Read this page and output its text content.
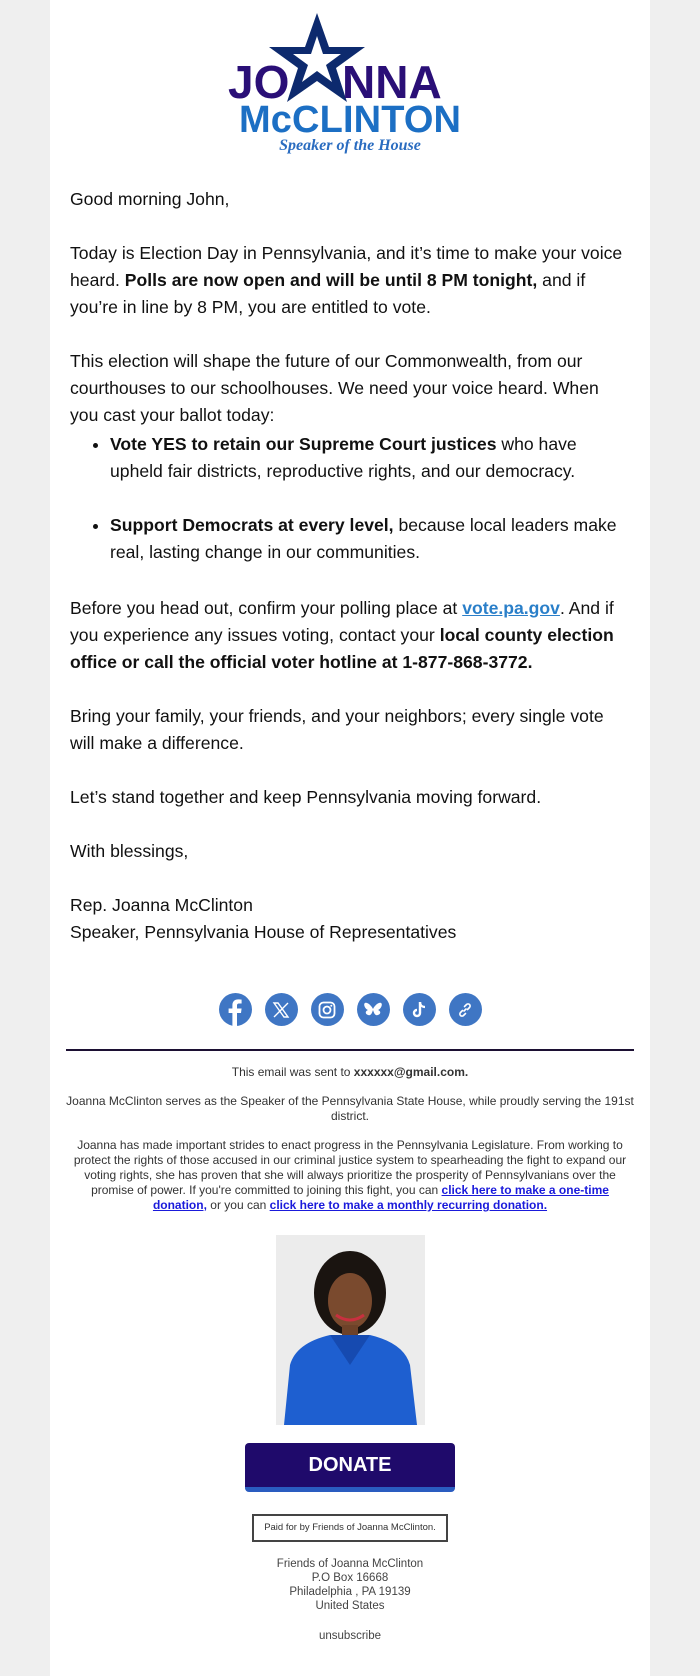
JO NNA
McCLINTON
Speaker of the House

Good morning John,

Today is Election Day in Pennsylvania, and it’s time to make your voice heard. Polls are now open and will be until 8 PM tonight, and if you’re in line by 8 PM, you are entitled to vote.

This election will shape the future of our Commonwealth, from our courthouses to our schoolhouses. We need your voice heard. When you cast your ballot today:

• Vote YES to retain our Supreme Court justices who have upheld fair districts, reproductive rights, and our democracy.
• Support Democrats at every level, because local leaders make real, lasting change in our communities.

Before you head out, confirm your polling place at vote.pa.gov. And if you experience any issues voting, contact your local county election office or call the official voter hotline at 1-877-868-3772.

Bring your family, your friends, and your neighbors; every single vote will make a difference.

Let’s stand together and keep Pennsylvania moving forward.

With blessings,

Rep. Joanna McClinton
Speaker, Pennsylvania House of Representatives

This email was sent to xxxxxx@gmail.com.

Joanna McClinton serves as the Speaker of the Pennsylvania State House, while proudly serving the 191st district.

Joanna has made important strides to enact progress in the Pennsylvania Legislature. From working to protect the rights of those accused in our criminal justice system to spearheading the fight to expand our voting rights, she has proven that she will always prioritize the prosperity of Pennsylvanians over the promise of power. If you're committed to joining this fight, you can click here to make a one-time donation, or you can click here to make a monthly recurring donation.

DONATE
Paid for by Friends of Joanna McClinton.
Friends of Joanna McClinton
P.O Box 16668
Philadelphia , PA 19139
United States
unsubscribe
